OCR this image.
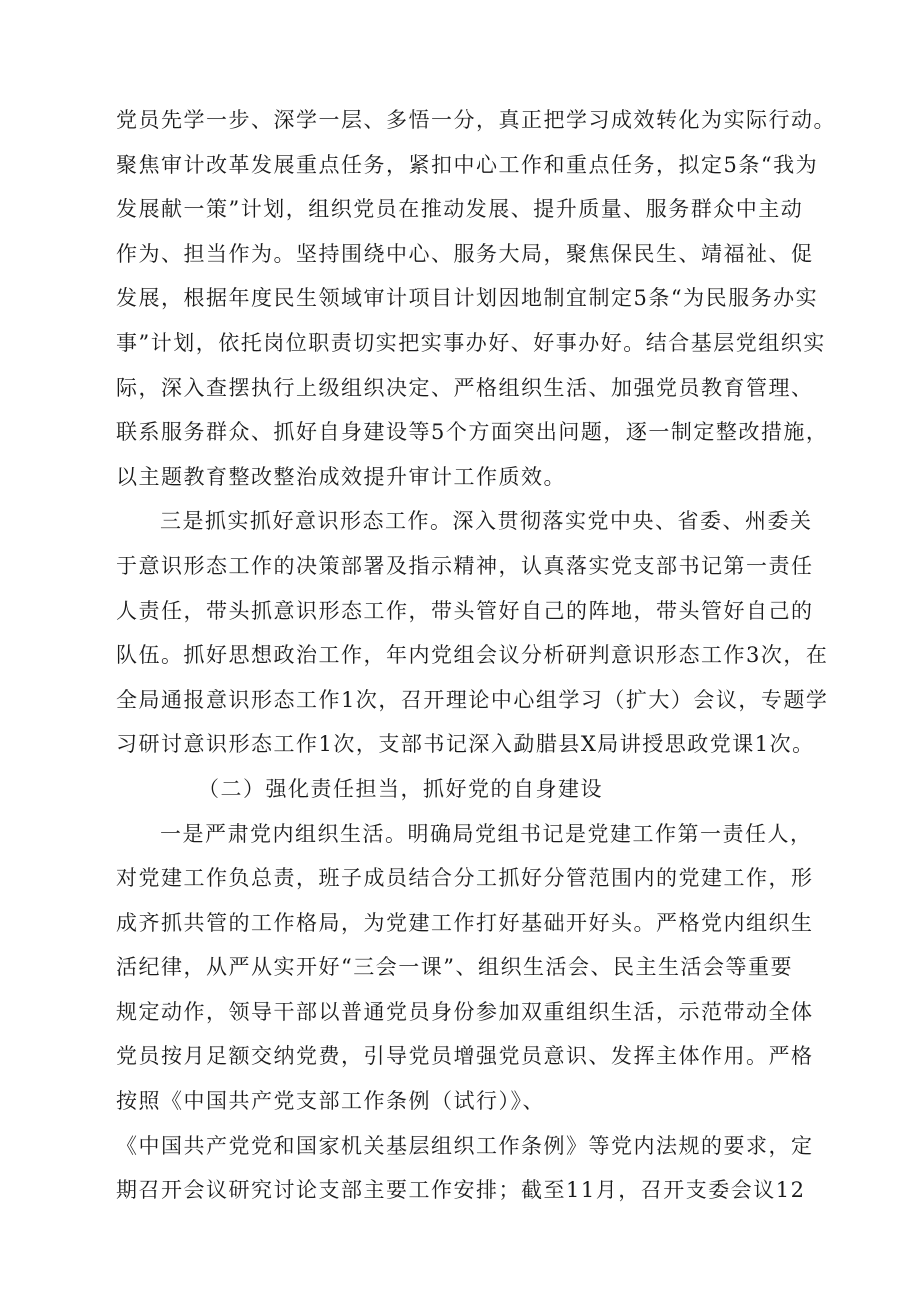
党员先学一步、深学一层、多悟一分，真正把学习成效转化为实际行动。
聚焦审计改革发展重点任务，紧扣中心工作和重点任务，拟定5条“我为
发展献一策”计划，组织党员在推动发展、提升质量、服务群众中主动
作为、担当作为。坚持围绕中心、服务大局，聚焦保民生、靖福祉、促
发展，根据年度民生领域审计项目计划因地制宜制定5条“为民服务办实
事”计划，依托岗位职责切实把实事办好、好事办好。结合基层党组织实
际，深入查摆执行上级组织决定、严格组织生活、加强党员教育管理、
联系服务群众、抓好自身建设等5个方面突出问题，逐一制定整改措施，
以主题教育整改整治成效提升审计工作质效。
三是抓实抓好意识形态工作。深入贯彻落实党中央、省委、州委关
于意识形态工作的决策部署及指示精神，认真落实党支部书记第一责任
人责任，带头抓意识形态工作，带头管好自己的阵地，带头管好自己的
队伍。抓好思想政治工作，年内党组会议分析研判意识形态工作3次，在
全局通报意识形态工作1次，召开理论中心组学习（扩大）会议，专题学
习研讨意识形态工作1次，支部书记深入勐腊县X局讲授思政党课1次。
（二）强化责任担当，抓好党的自身建设
一是严肃党内组织生活。明确局党组书记是党建工作第一责任人，
对党建工作负总责，班子成员结合分工抓好分管范围内的党建工作，形
成齐抓共管的工作格局，为党建工作打好基础开好头。严格党内组织生
活纪律，从严从实开好“三会一课”、组织生活会、民主生活会等重要
规定动作，领导干部以普通党员身份参加双重组织生活，示范带动全体
党员按月足额交纳党费，引导党员增强党员意识、发挥主体作用。严格
按照《中国共产党支部工作条例（试行）》、
《中国共产党党和国家机关基层组织工作条例》等党内法规的要求，定
期召开会议研究讨论支部主要工作安排；截至11月，召开支委会议12
